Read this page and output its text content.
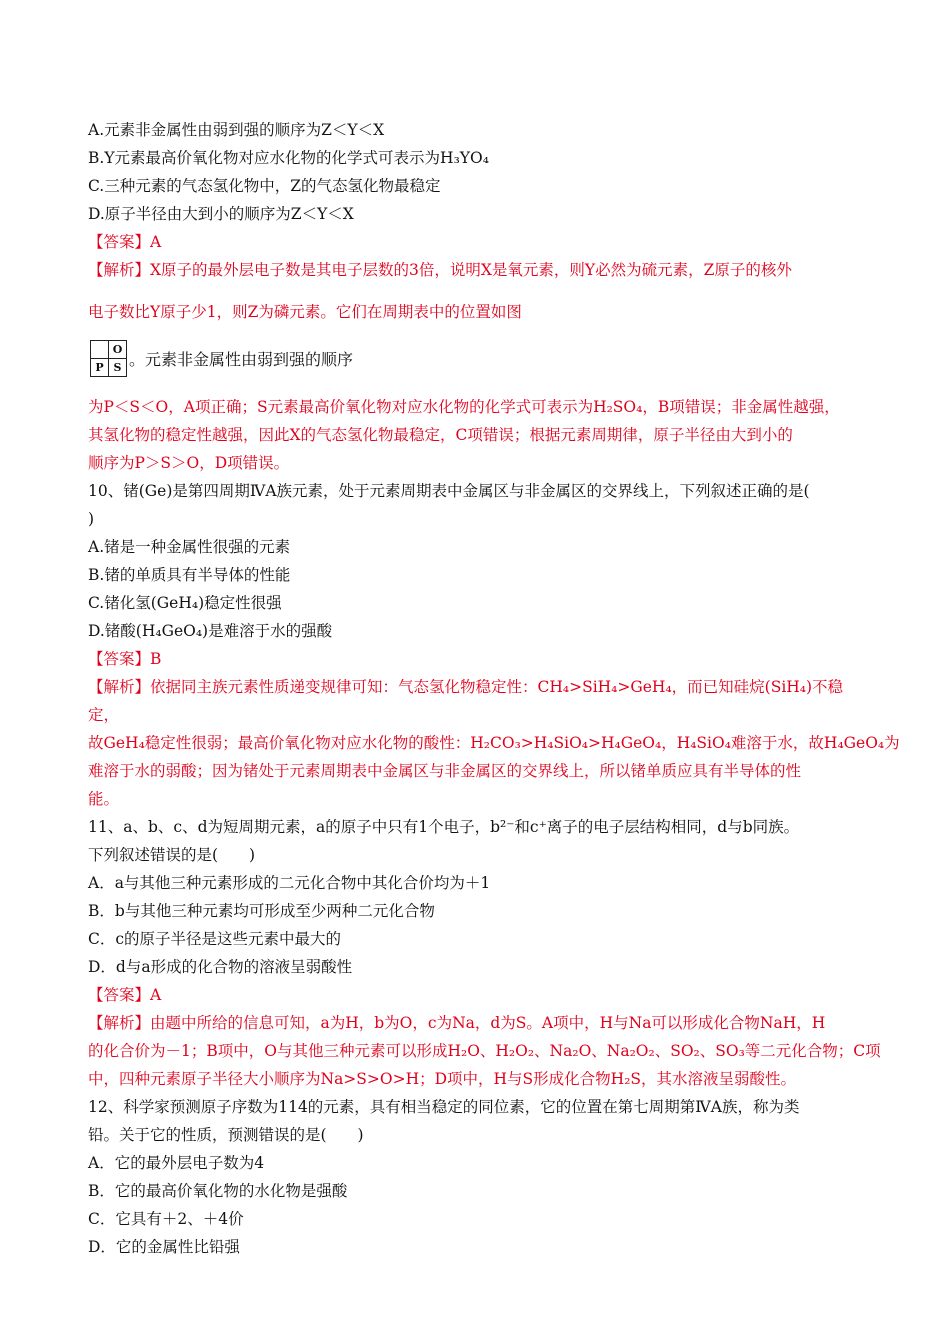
A.元素非金属性由弱到强的顺序为Z＜Y＜X

B.Y元素最高价氧化物对应水化物的化学式可表示为H₃YO₄

C.三种元素的气态氢化物中，Z的气态氢化物最稳定

D.原子半径由大到小的顺序为Z＜Y＜X

【答案】A

【解析】X原子的最外层电子数是其电子层数的3倍，说明X是氧元素，则Y必然为硫元素，Z原子的核外

电子数比Y原子少1，则Z为磷元素。它们在周期表中的位置如图

	O
P	S 。元素非金属性由弱到强的顺序

为P＜S＜O，A项正确；S元素最高价氧化物对应水化物的化学式可表示为H₂SO₄，B项错误；非金属性越强，

其氢化物的稳定性越强，因此X的气态氢化物最稳定，C项错误；根据元素周期律，原子半径由大到小的

顺序为P＞S＞O，D项错误。

10、锗(Ge)是第四周期ⅣA族元素，处于元素周期表中金属区与非金属区的交界线上，下列叙述正确的是(

)

A.锗是一种金属性很强的元素

B.锗的单质具有半导体的性能

C.锗化氢(GeH₄)稳定性很强

D.锗酸(H₄GeO₄)是难溶于水的强酸

【答案】B

【解析】依据同主族元素性质递变规律可知：气态氢化物稳定性：CH₄>SiH₄>GeH₄，而已知硅烷(SiH₄)不稳

定，

故GeH₄稳定性很弱；最高价氧化物对应水化物的酸性：H₂CO₃>H₄SiO₄>H₄GeO₄，H₄SiO₄难溶于水，故H₄GeO₄为

难溶于水的弱酸；因为锗处于元素周期表中金属区与非金属区的交界线上，所以锗单质应具有半导体的性

能。

11、a、b、c、d为短周期元素，a的原子中只有1个电子，b²⁻和c⁺离子的电子层结构相同，d与b同族。

下列叙述错误的是(　　)

A．a与其他三种元素形成的二元化合物中其化合价均为＋1

B．b与其他三种元素均可形成至少两种二元化合物

C．c的原子半径是这些元素中最大的

D．d与a形成的化合物的溶液呈弱酸性

【答案】A

【解析】由题中所给的信息可知，a为H，b为O，c为Na，d为S。A项中，H与Na可以形成化合物NaH，H

的化合价为－1；B项中，O与其他三种元素可以形成H₂O、H₂O₂、Na₂O、Na₂O₂、SO₂、SO₃等二元化合物；C项

中，四种元素原子半径大小顺序为Na>S>O>H；D项中，H与S形成化合物H₂S，其水溶液呈弱酸性。

12、科学家预测原子序数为114的元素，具有相当稳定的同位素，它的位置在第七周期第ⅣA族，称为类

铅。关于它的性质，预测错误的是(　　)

A．它的最外层电子数为4

B．它的最高价氧化物的水化物是强酸

C．它具有＋2、＋4价

D．它的金属性比铅强
